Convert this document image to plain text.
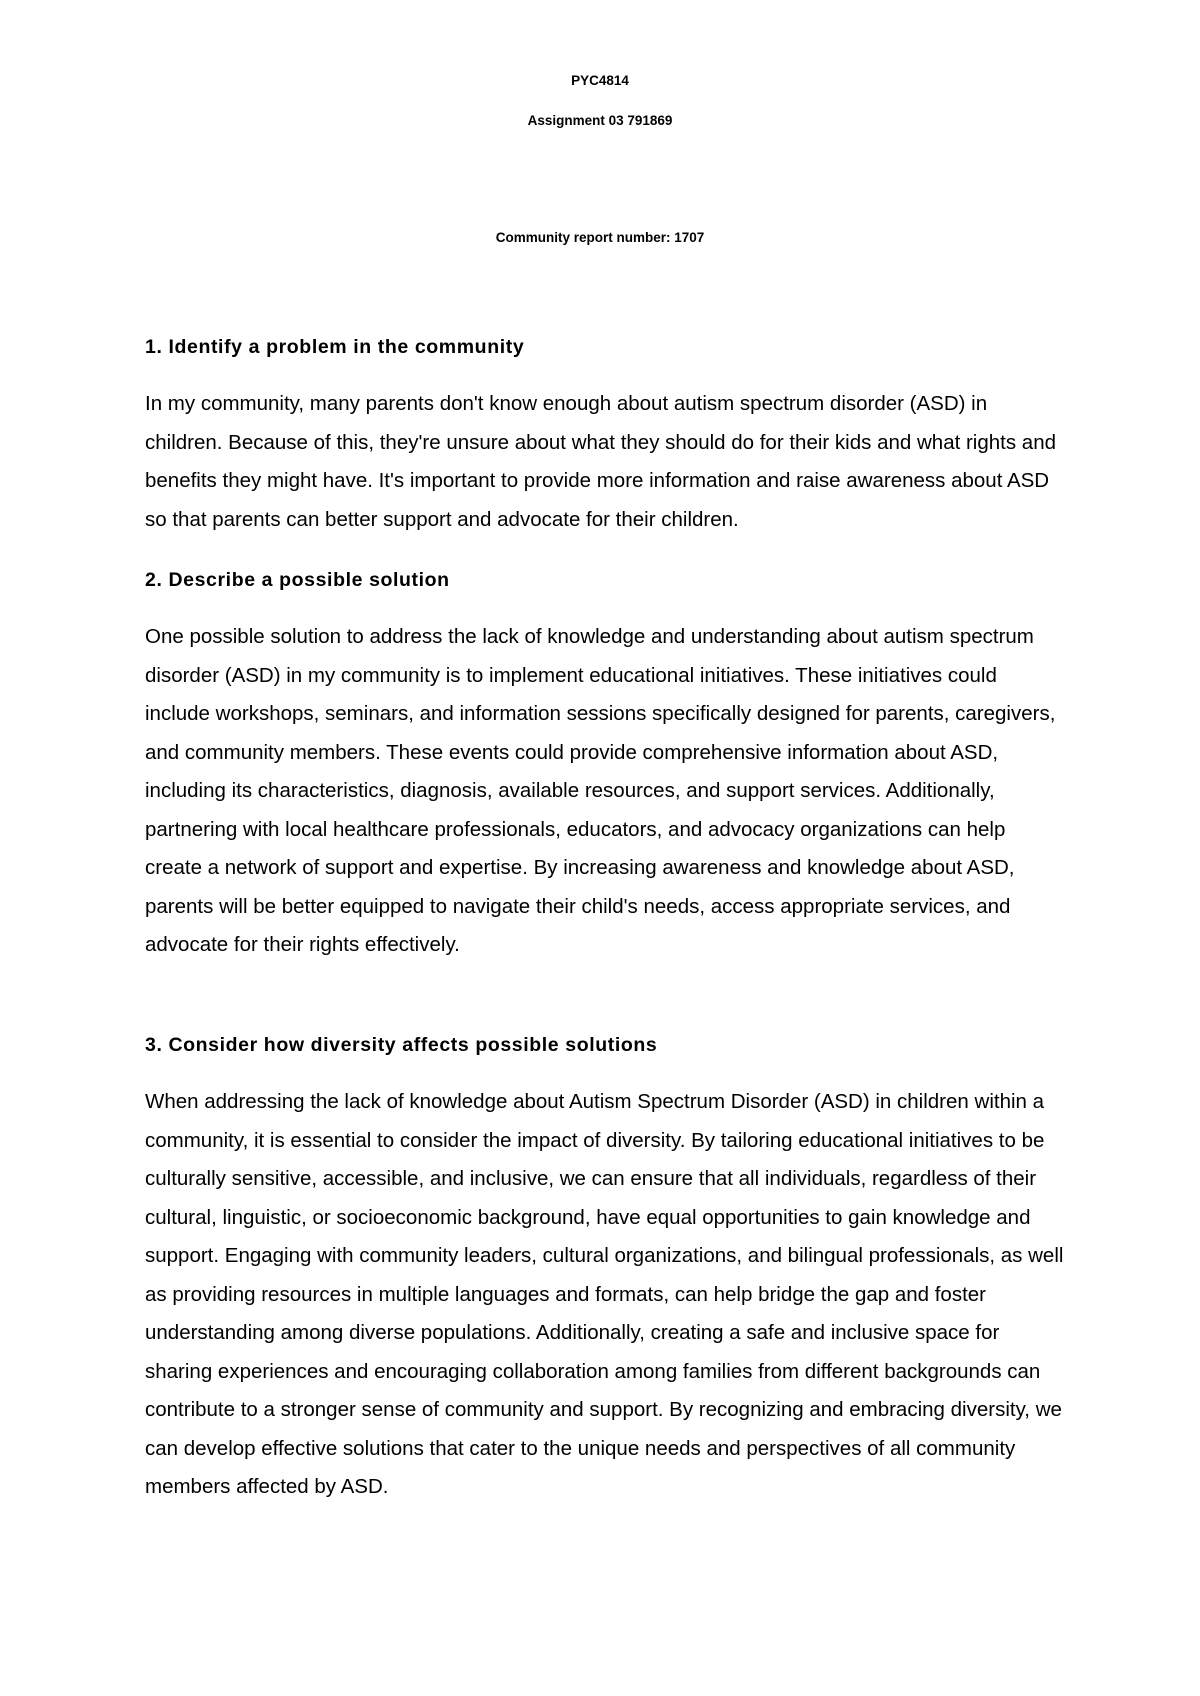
PYC4814

Assignment 03 791869

Community report number: 1707

1. Identify a problem in the community

In my community, many parents don't know enough about autism spectrum disorder (ASD) in children. Because of this, they're unsure about what they should do for their kids and what rights and benefits they might have. It's important to provide more information and raise awareness about ASD so that parents can better support and advocate for their children.

2. Describe a possible solution

One possible solution to address the lack of knowledge and understanding about autism spectrum disorder (ASD) in my community is to implement educational initiatives. These initiatives could include workshops, seminars, and information sessions specifically designed for parents, caregivers, and community members. These events could provide comprehensive information about ASD, including its characteristics, diagnosis, available resources, and support services. Additionally, partnering with local healthcare professionals, educators, and advocacy organizations can help create a network of support and expertise. By increasing awareness and knowledge about ASD, parents will be better equipped to navigate their child's needs, access appropriate services, and advocate for their rights effectively.

3. Consider how diversity affects possible solutions

When addressing the lack of knowledge about Autism Spectrum Disorder (ASD) in children within a community, it is essential to consider the impact of diversity. By tailoring educational initiatives to be culturally sensitive, accessible, and inclusive, we can ensure that all individuals, regardless of their cultural, linguistic, or socioeconomic background, have equal opportunities to gain knowledge and support. Engaging with community leaders, cultural organizations, and bilingual professionals, as well as providing resources in multiple languages and formats, can help bridge the gap and foster understanding among diverse populations. Additionally, creating a safe and inclusive space for sharing experiences and encouraging collaboration among families from different backgrounds can contribute to a stronger sense of community and support. By recognizing and embracing diversity, we can develop effective solutions that cater to the unique needs and perspectives of all community members affected by ASD.
